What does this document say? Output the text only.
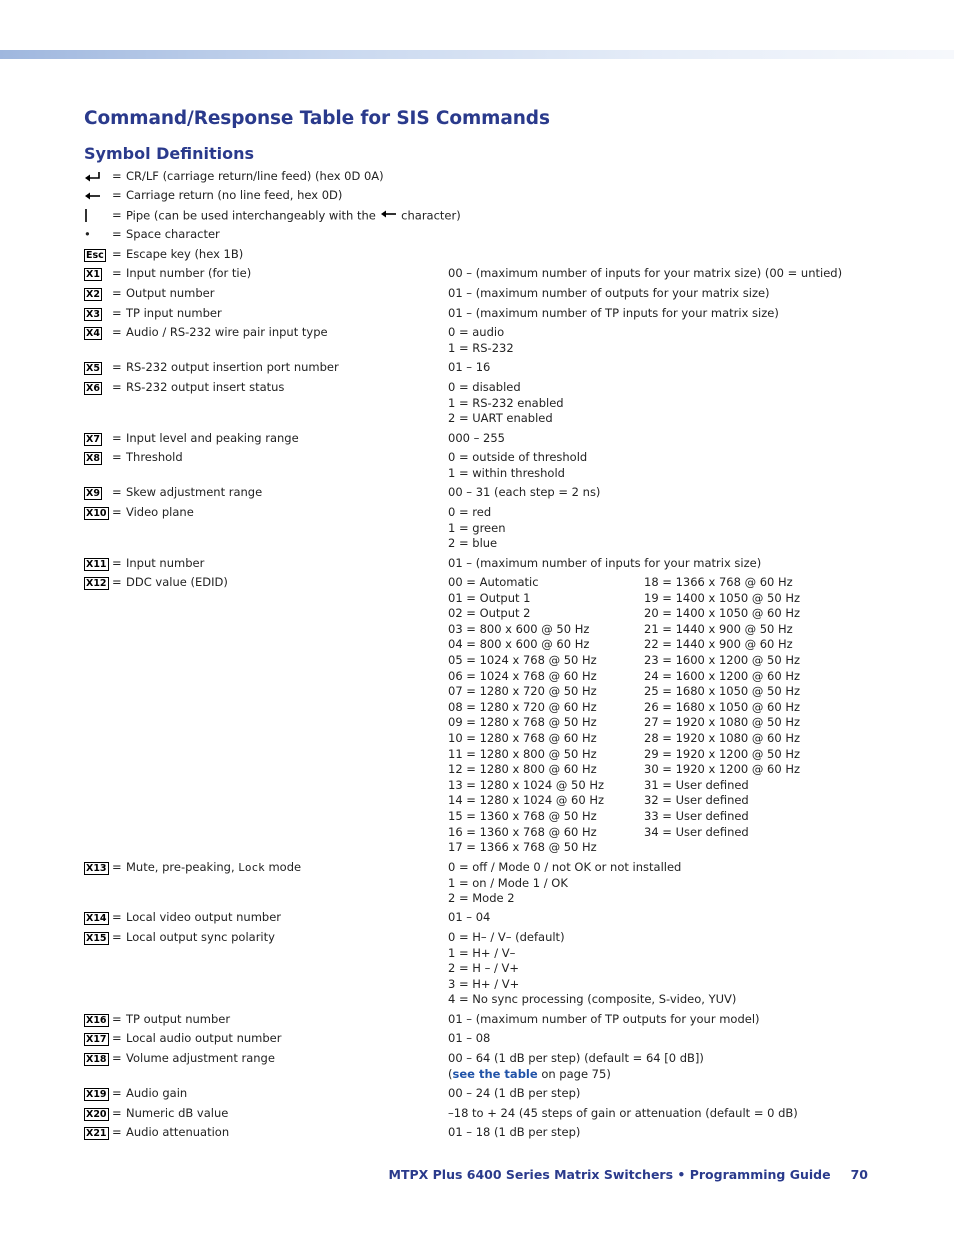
Command/Response Table for SIS Commands
Symbol Definitions
= CR/LF (carriage return/line feed) (hex 0D 0A)
= Carriage return (no line feed, hex 0D)
= Pipe (can be used interchangeably with the character)
•	= Space character
Esc = Escape key (hex 1B)
X1 = Input number (for tie)	00 – (maximum number of inputs for your matrix size) (00 = untied)
X2 = Output number	01 – (maximum number of outputs for your matrix size)
X3 = TP input number	01 – (maximum number of TP inputs for your matrix size)
X4 = Audio / RS-232 wire pair input type	0 = audio
1 = RS-232
X5 = RS-232 output insertion port number	01 – 16
X6 = RS-232 output insert status	0 = disabled
1 = RS-232 enabled
2 = UART enabled
X7 = Input level and peaking range	000 – 255
X8 = Threshold	0 = outside of threshold
1 = within threshold
X9 = Skew adjustment range	00 – 31 (each step = 2 ns)
X10 = Video plane	0 = red
1 = green
2 = blue
X11 = Input number	01 – (maximum number of inputs for your matrix size)
X12 = DDC value (EDID)	00 = Automatic
01 = Output 1
02 = Output 2
03 = 800 x 600 @ 50 Hz
04 = 800 x 600 @ 60 Hz
05 = 1024 x 768 @ 50 Hz
06 = 1024 x 768 @ 60 Hz
07 = 1280 x 720 @ 50 Hz
08 = 1280 x 720 @ 60 Hz
09 = 1280 x 768 @ 50 Hz
10 = 1280 x 768 @ 60 Hz
11 = 1280 x 800 @ 50 Hz
12 = 1280 x 800 @ 60 Hz
13 = 1280 x 1024 @ 50 Hz
14 = 1280 x 1024 @ 60 Hz
15 = 1360 x 768 @ 50 Hz
16 = 1360 x 768 @ 60 Hz
17 = 1366 x 768 @ 50 Hz
18 = 1366 x 768 @ 60 Hz
19 = 1400 x 1050 @ 50 Hz
20 = 1400 x 1050 @ 60 Hz
21 = 1440 x 900 @ 50 Hz
22 = 1440 x 900 @ 60 Hz
23 = 1600 x 1200 @ 50 Hz
24 = 1600 x 1200 @ 60 Hz
25 = 1680 x 1050 @ 50 Hz
26 = 1680 x 1050 @ 60 Hz
27 = 1920 x 1080 @ 50 Hz
28 = 1920 x 1080 @ 60 Hz
29 = 1920 x 1200 @ 50 Hz
30 = 1920 x 1200 @ 60 Hz
31 = User defined
32 = User defined
33 = User defined
34 = User defined
X13 = Mute, pre-peaking, Lock mode	0 = off / Mode 0 / not OK or not installed
1 = on / Mode 1 / OK
2 = Mode 2
X14 = Local video output number	01 – 04
X15 = Local output sync polarity	0 = H– / V– (default)
1 = H+ / V–
2 = H – / V+
3 = H+ / V+
4 = No sync processing (composite, S-video, YUV)
X16 = TP output number	01 – (maximum number of TP outputs for your model)
X17 = Local audio output number	01 – 08
X18 = Volume adjustment range	00 – 64 (1 dB per step) (default = 64 [0 dB])
(see the table on page 75)
X19 = Audio gain	00 – 24 (1 dB per step)
X20 = Numeric dB value	–18 to + 24 (45 steps of gain or attenuation (default = 0 dB)
X21 = Audio attenuation	01 – 18 (1 dB per step)
MTPX Plus 6400 Series Matrix Switchers • Programming Guide 70
